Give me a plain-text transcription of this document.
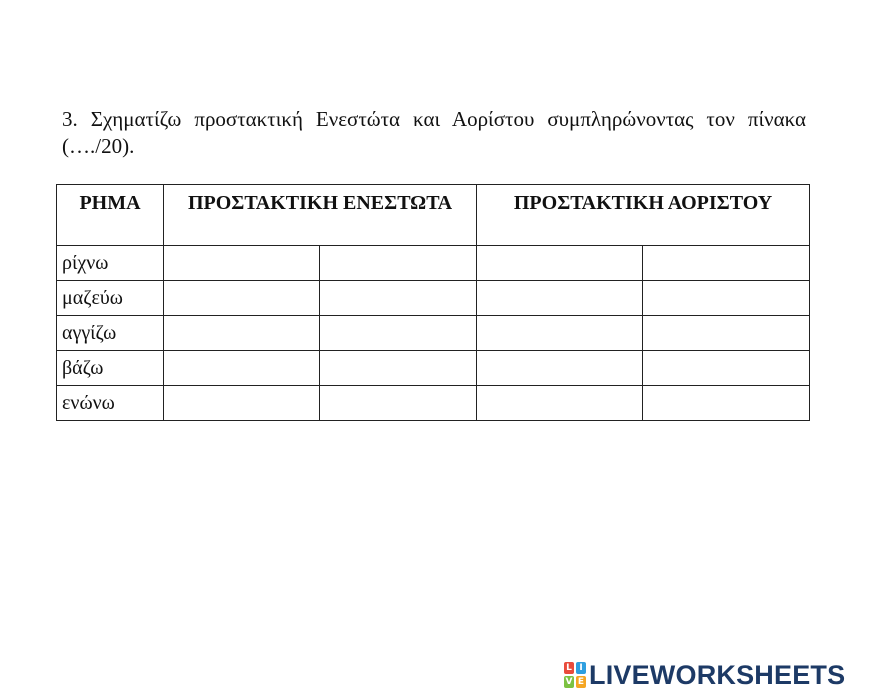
3. Σχηματίζω προστακτική Ενεστώτα και Αορίστου συμπληρώνοντας τον πίνακα (…./20).

ΡΗΜΑ	ΠΡΟΣΤΑΚΤΙΚΗ ΕΝΕΣΤΩΤΑ		ΠΡΟΣΤΑΚΤΙΚΗ ΑΟΡΙΣΤΟΥ	
ρίχνω				
μαζεύω				
αγγίζω				
βάζω				
ενώνω				
L I
V E LIVEWORKSHEETS
